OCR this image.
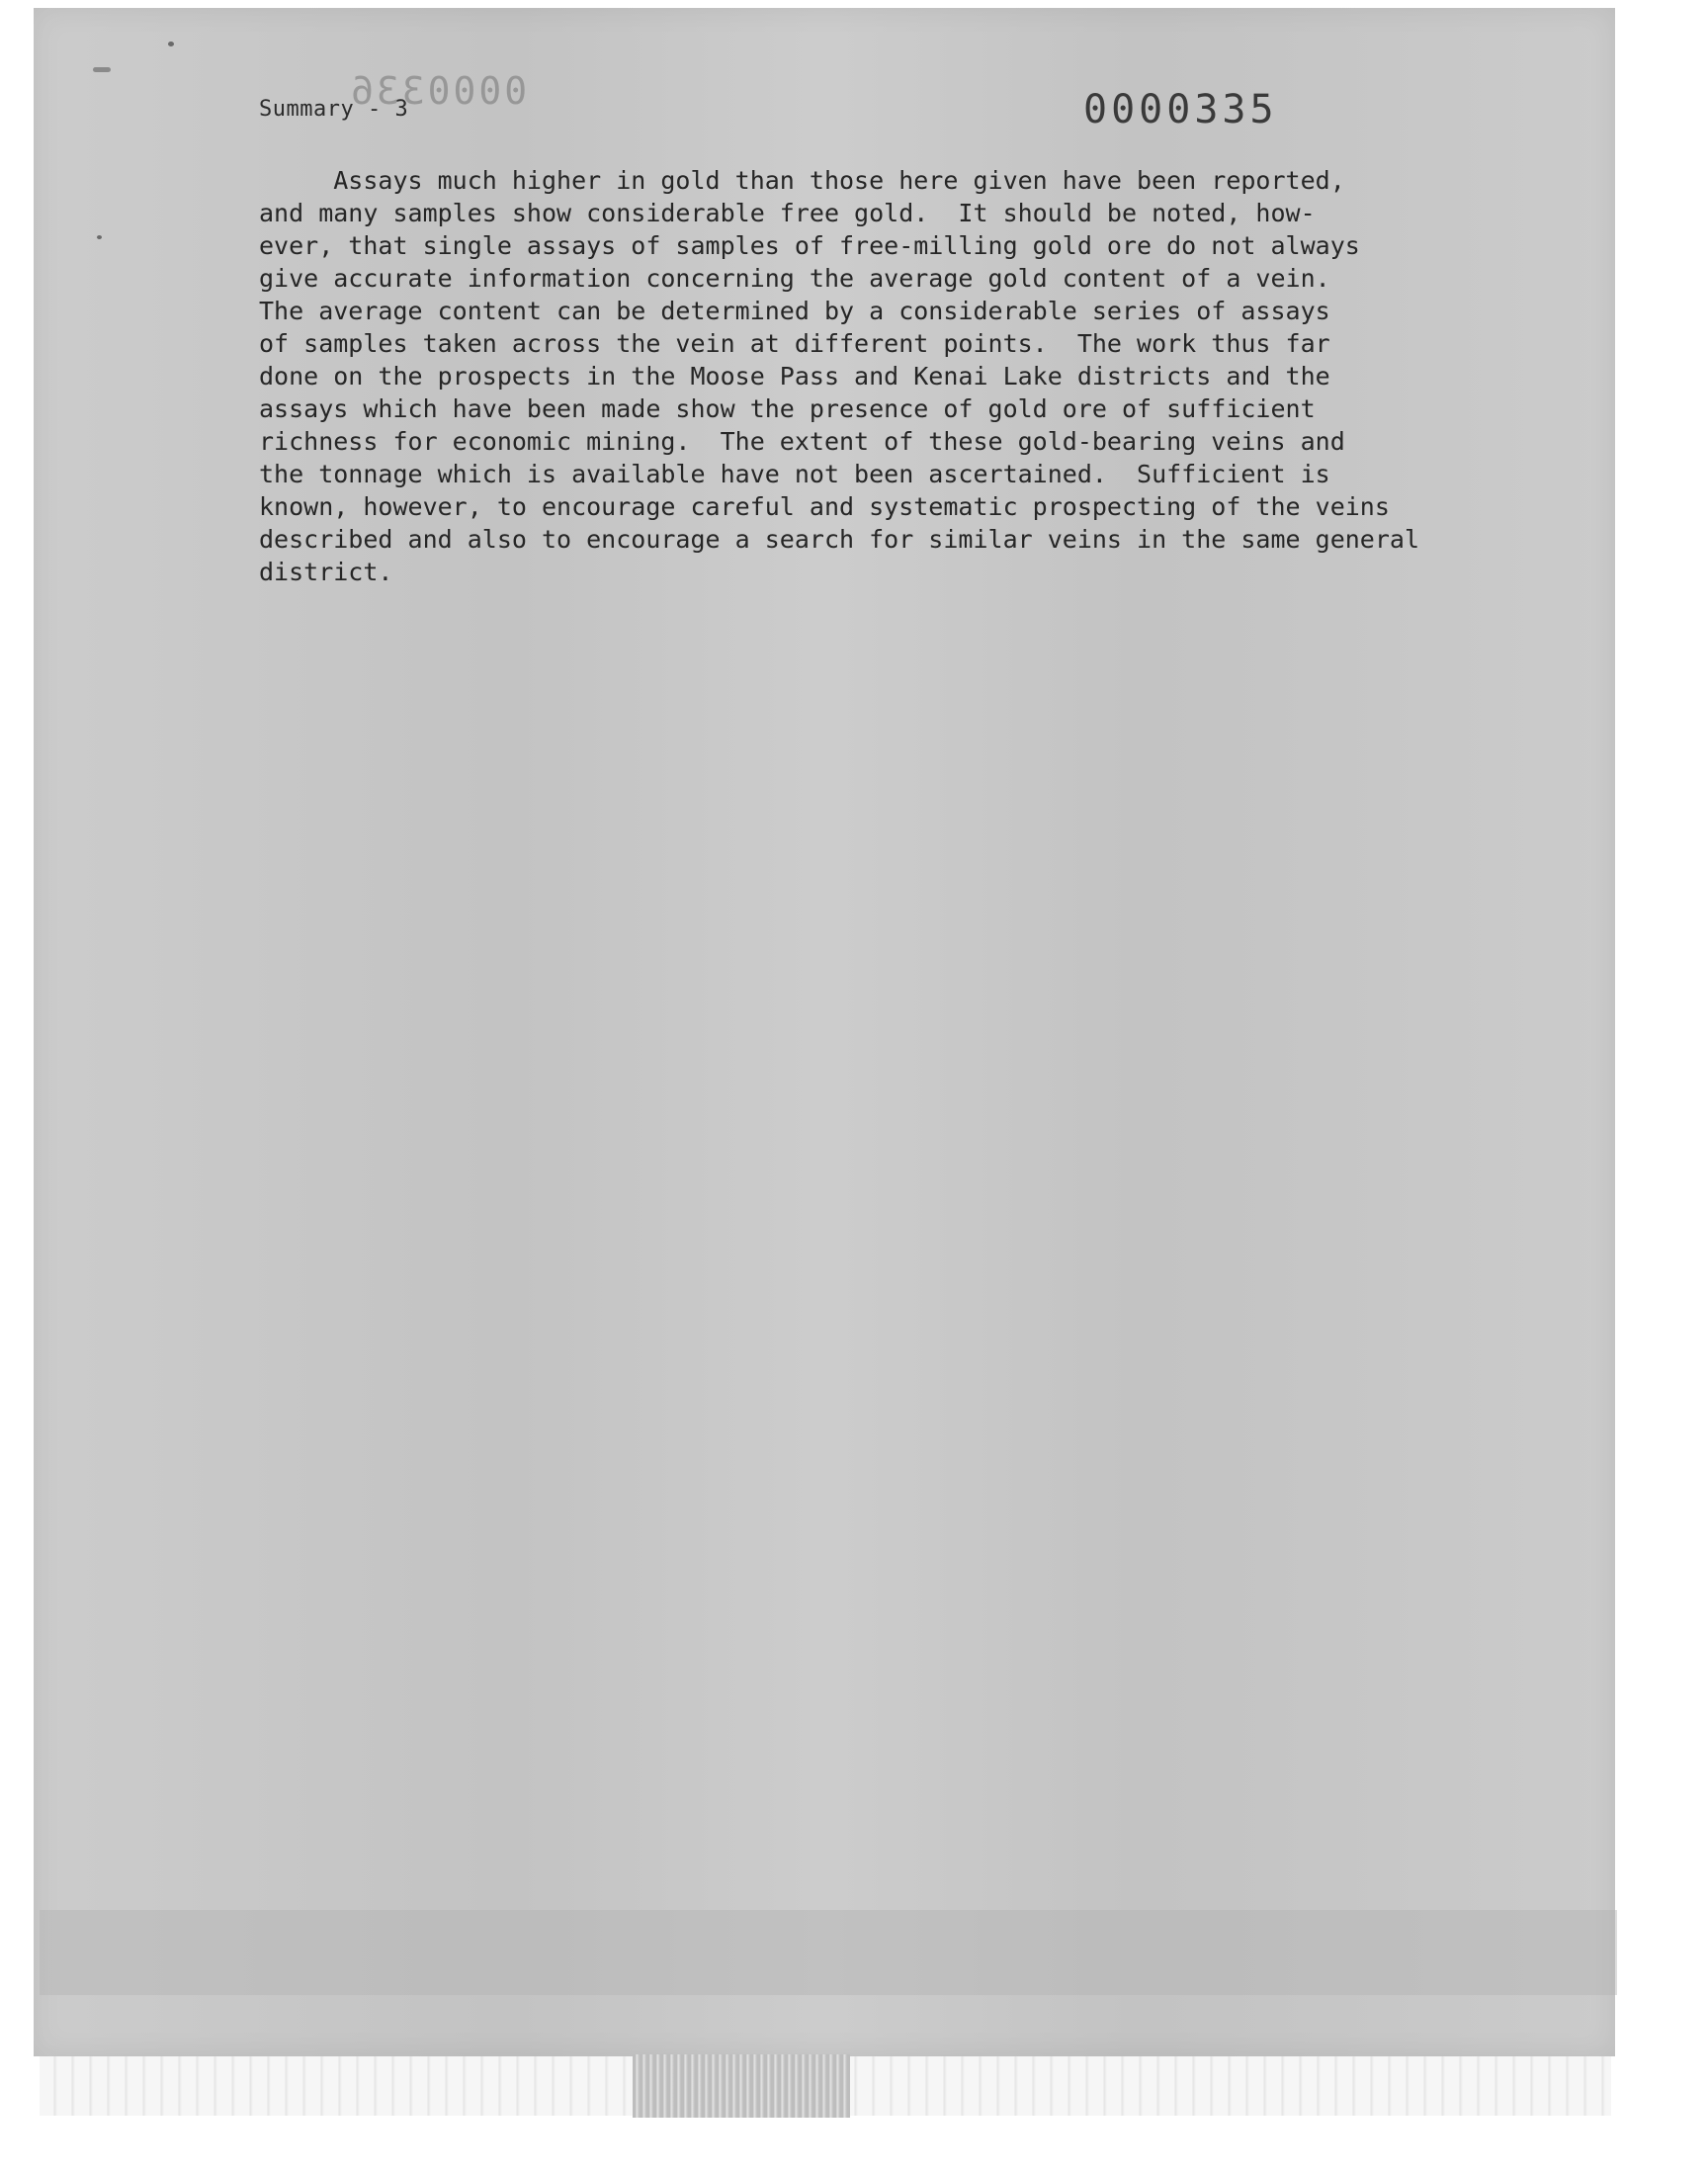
0000336
Summary - 3	0000335
Assays much higher in gold than those here given have been reported,
and many samples show considerable free gold.  It should be noted, how-
ever, that single assays of samples of free-milling gold ore do not always
give accurate information concerning the average gold content of a vein.
The average content can be determined by a considerable series of assays
of samples taken across the vein at different points.  The work thus far
done on the prospects in the Moose Pass and Kenai Lake districts and the
assays which have been made show the presence of gold ore of sufficient
richness for economic mining.  The extent of these gold-bearing veins and
the tonnage which is available have not been ascertained.  Sufficient is
known, however, to encourage careful and systematic prospecting of the veins
described and also to encourage a search for similar veins in the same general
district.
